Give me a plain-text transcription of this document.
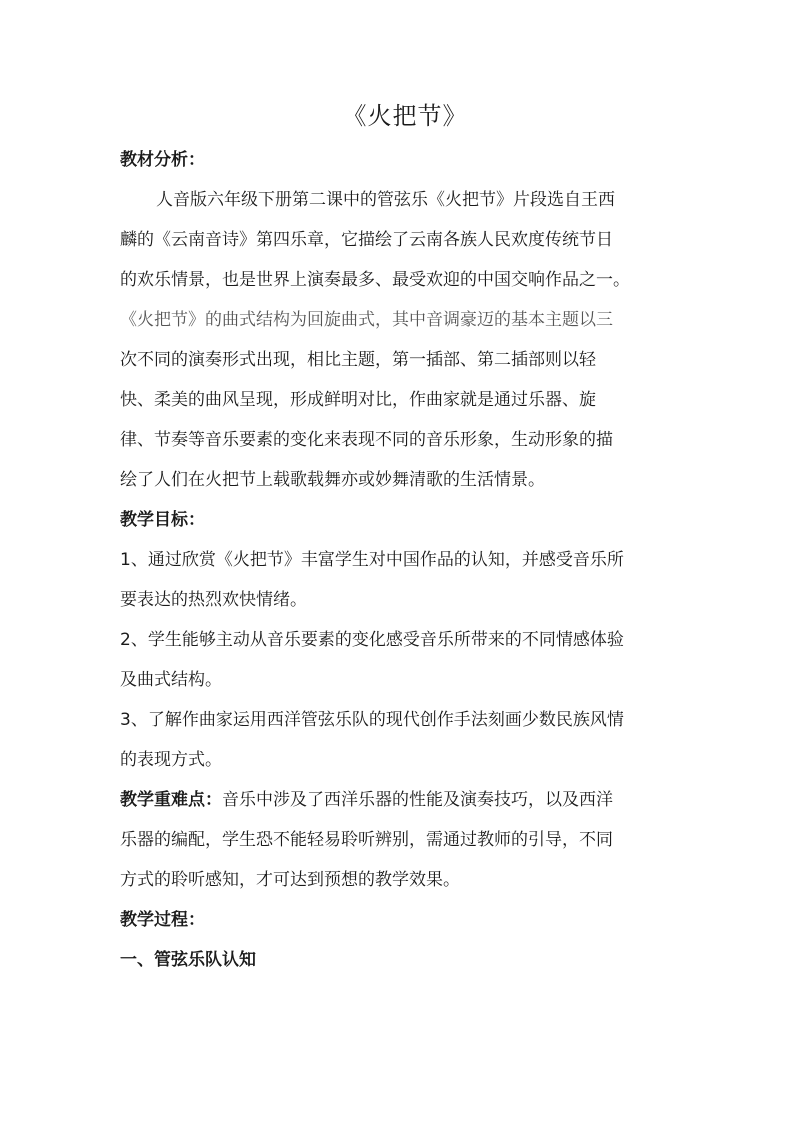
《火把节》
教材分析：
人音版六年级下册第二课中的管弦乐《火把节》片段选自王西
麟的《云南音诗》第四乐章，它描绘了云南各族人民欢度传统节日
的欢乐情景，也是世界上演奏最多、最受欢迎的中国交响作品之一。
《火把节》的曲式结构为回旋曲式，其中音调豪迈的基本主题以三
次不同的演奏形式出现，相比主题，第一插部、第二插部则以轻
快、柔美的曲风呈现，形成鲜明对比，作曲家就是通过乐器、旋
律、节奏等音乐要素的变化来表现不同的音乐形象，生动形象的描
绘了人们在火把节上载歌载舞亦或妙舞清歌的生活情景。
教学目标：
1、通过欣赏《火把节》丰富学生对中国作品的认知，并感受音乐所
要表达的热烈欢快情绪。
2、学生能够主动从音乐要素的变化感受音乐所带来的不同情感体验
及曲式结构。
3、了解作曲家运用西洋管弦乐队的现代创作手法刻画少数民族风情
的表现方式。
教学重难点：音乐中涉及了西洋乐器的性能及演奏技巧，以及西洋
乐器的编配，学生恐不能轻易聆听辨别，需通过教师的引导，不同
方式的聆听感知，才可达到预想的教学效果。
教学过程：
一、管弦乐队认知
